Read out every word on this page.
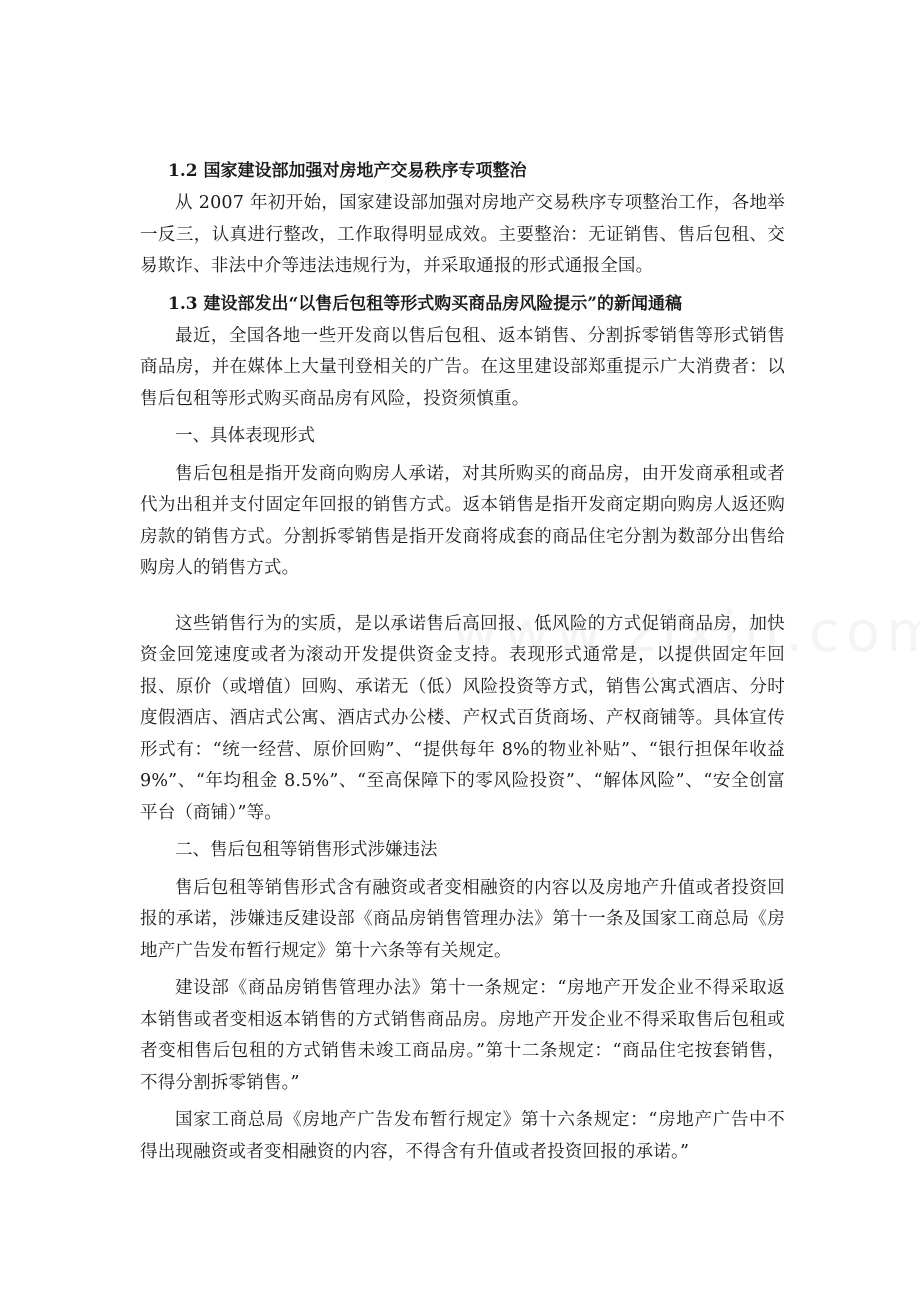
1.2 国家建设部加强对房地产交易秩序专项整治

从 2007 年初开始，国家建设部加强对房地产交易秩序专项整治工作，各地举一反三，认真进行整改，工作取得明显成效。主要整治：无证销售、售后包租、交易欺诈、非法中介等违法违规行为，并采取通报的形式通报全国。

1.3 建设部发出“以售后包租等形式购买商品房风险提示”的新闻通稿

最近，全国各地一些开发商以售后包租、返本销售、分割拆零销售等形式销售商品房，并在媒体上大量刊登相关的广告。在这里建设部郑重提示广大消费者：以售后包租等形式购买商品房有风险，投资须慎重。

一、具体表现形式

售后包租是指开发商向购房人承诺，对其所购买的商品房，由开发商承租或者代为出租并支付固定年回报的销售方式。返本销售是指开发商定期向购房人返还购房款的销售方式。分割拆零销售是指开发商将成套的商品住宅分割为数部分出售给购房人的销售方式。

这些销售行为的实质，是以承诺售后高回报、低风险的方式促销商品房，加快资金回笼速度或者为滚动开发提供资金支持。表现形式通常是，以提供固定年回报、原价（或增值）回购、承诺无（低）风险投资等方式，销售公寓式酒店、分时度假酒店、酒店式公寓、酒店式办公楼、产权式百货商场、产权商铺等。具体宣传形式有：“统一经营、原价回购”、“提供每年 8%的物业补贴”、“银行担保年收益 9%”、“年均租金 8.5%”、“至高保障下的零风险投资”、“解体风险”、“安全创富平台（商铺）”等。

二、售后包租等销售形式涉嫌违法

售后包租等销售形式含有融资或者变相融资的内容以及房地产升值或者投资回报的承诺，涉嫌违反建设部《商品房销售管理办法》第十一条及国家工商总局《房地产广告发布暂行规定》第十六条等有关规定。

建设部《商品房销售管理办法》第十一条规定：“房地产开发企业不得采取返本销售或者变相返本销售的方式销售商品房。房地产开发企业不得采取售后包租或者变相售后包租的方式销售未竣工商品房。”第十二条规定：“商品住宅按套销售，不得分割拆零销售。”

国家工商总局《房地产广告发布暂行规定》第十六条规定：“房地产广告中不得出现融资或者变相融资的内容，不得含有升值或者投资回报的承诺。”
